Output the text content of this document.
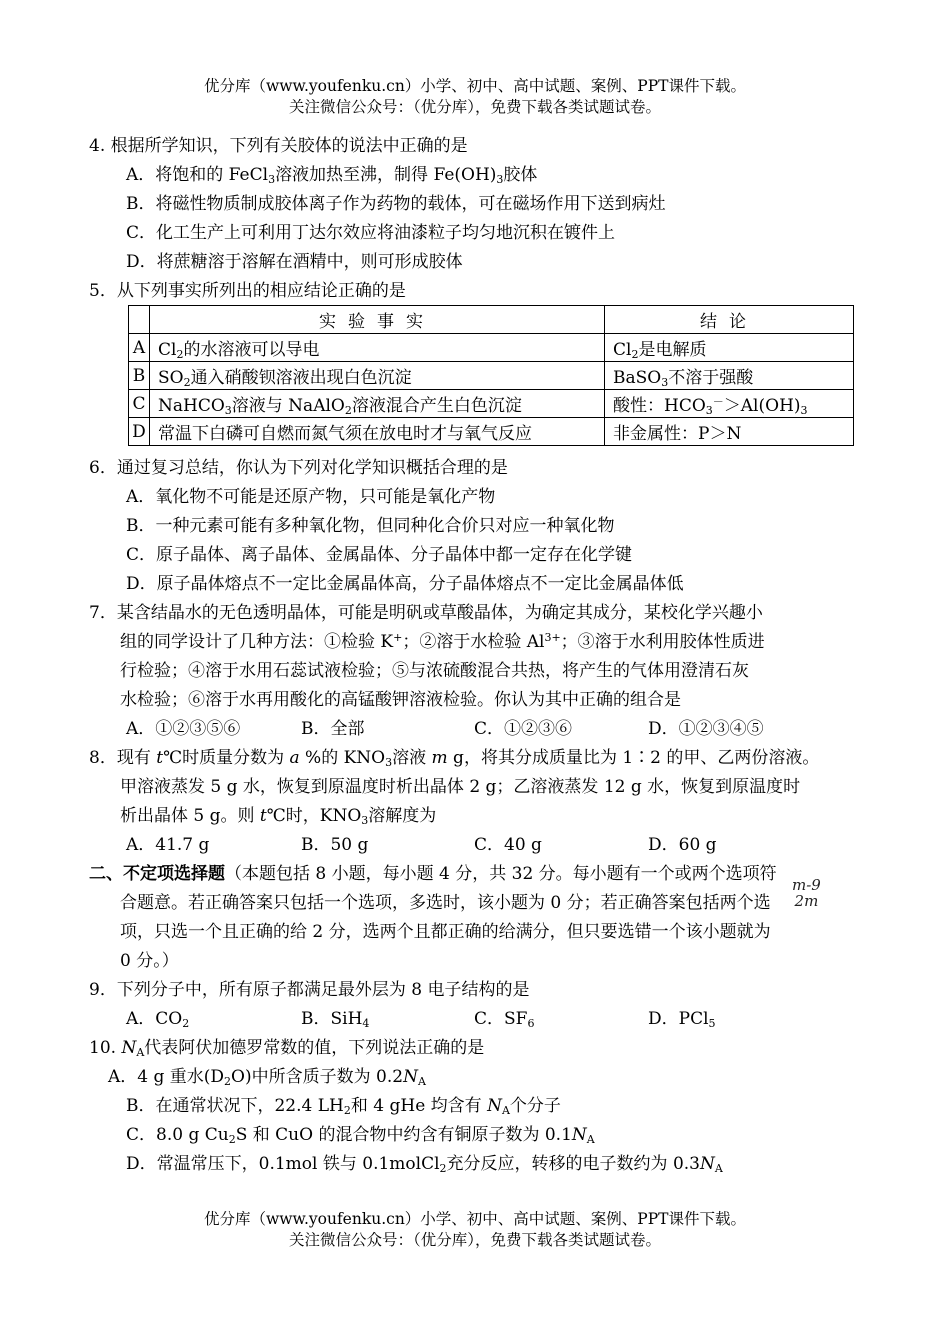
优分库（www.youfenku.cn）小学、初中、高中试题、案例、PPT课件下载。
关注微信公众号：（优分库），免费下载各类试题试卷。
4. 根据所学知识，下列有关胶体的说法中正确的是
A．将饱和的 FeCl$_3$溶液加热至沸，制得 $Fe(OH)_3$胶体
B．将磁性物质制成胶体离子作为药物的载体，可在磁场作用下送到病灶
C．化工生产上可利用丁达尔效应将油漆粒子均匀地沉积在镀件上
D．将蔗糖溶于溶解在酒精中，则可形成胶体
5．从下列事实所列出的相应结论正确的是
	实验事实	结论
A	$Cl_2$的水溶液可以导电	$Cl_2$是电解质
B	$SO_2$通入硝酸钡溶液出现白色沉淀	BaSO$_3$不溶于强酸
C	NaHCO$_3$溶液与 NaAlO$_2$溶液混合产生白色沉淀	酸性：$HCO_3^->Al(OH)_3$
D	常温下白磷可自燃而氮气须在放电时才与氧气反应	非金属性：P＞N
6．通过复习总结，你认为下列对化学知识概括合理的是
A．氧化物不可能是还原产物，只可能是氧化产物
B．一种元素可能有多种氧化物，但同种化合价只对应一种氧化物
C．原子晶体、离子晶体、金属晶体、分子晶体中都一定存在化学键
D．原子晶体熔点不一定比金属晶体高，分子晶体熔点不一定比金属晶体低
7．某含结晶水的无色透明晶体，可能是明矾或草酸晶体，为确定其成分，某校化学兴趣小
组的同学设计了几种方法：①检验 K+；②溶于水检验 $Al^{3+}$；③溶于水利用胶体性质进
行检验；④溶于水用石蕊试液检验；⑤与浓硫酸混合共热，将产生的气体用澄清石灰
水检验；⑥溶于水再用酸化的高锰酸钾溶液检验。你认为其中正确的组合是
A．①②③⑤⑥	B．全部	C．①②③⑥	D．①②③④⑤
8．现有 t℃时质量分数为 a %的 $KNO_3$溶液 m g，将其分成质量比为 1∶2 的甲、乙两份溶液。
甲溶液蒸发 5 g 水，恢复到原温度时析出晶体 2 g；乙溶液蒸发 12 g 水，恢复到原温度时
析出晶体 5 g。则 t℃时，$KNO_3$溶解度为
A．41.7 g	B．50 g	C．40 g	D．60 g
二、不定项选择题（本题包括 8 小题，每小题 4 分，共 32 分。每小题有一个或两个选项符
合题意。若正确答案只包括一个选项，多选时，该小题为 0 分；若正确答案包括两个选
项，只选一个且正确的给 2 分，选两个且都正确的给满分，但只要选错一个该小题就为
0 分。）
m-9
2m
9．下列分子中，所有原子都满足最外层为 8 电子结构的是
A．$CO_2$	B．SiH$_4$	C．$SF_6$	D．PCl$_5$
10. $N_A$代表阿伏加德罗常数的值，下列说法正确的是
A．4 g 重水$(D_2O)$中所含质子数为 $0.2N_A$
B．在通常状况下，22.4 $LH_2$和 4 gHe 均含有 $N_A$个分子
C．8.0 g $Cu_2S$ 和 CuO 的混合物中约含有铜原子数为 $0.1N_A$
D．常温常压下，0.1mol 铁与 0.1molCl$_2$充分反应，转移的电子数约为 $0.3N_A$
优分库（www.youfenku.cn）小学、初中、高中试题、案例、PPT课件下载。
关注微信公众号：（优分库），免费下载各类试题试卷。
